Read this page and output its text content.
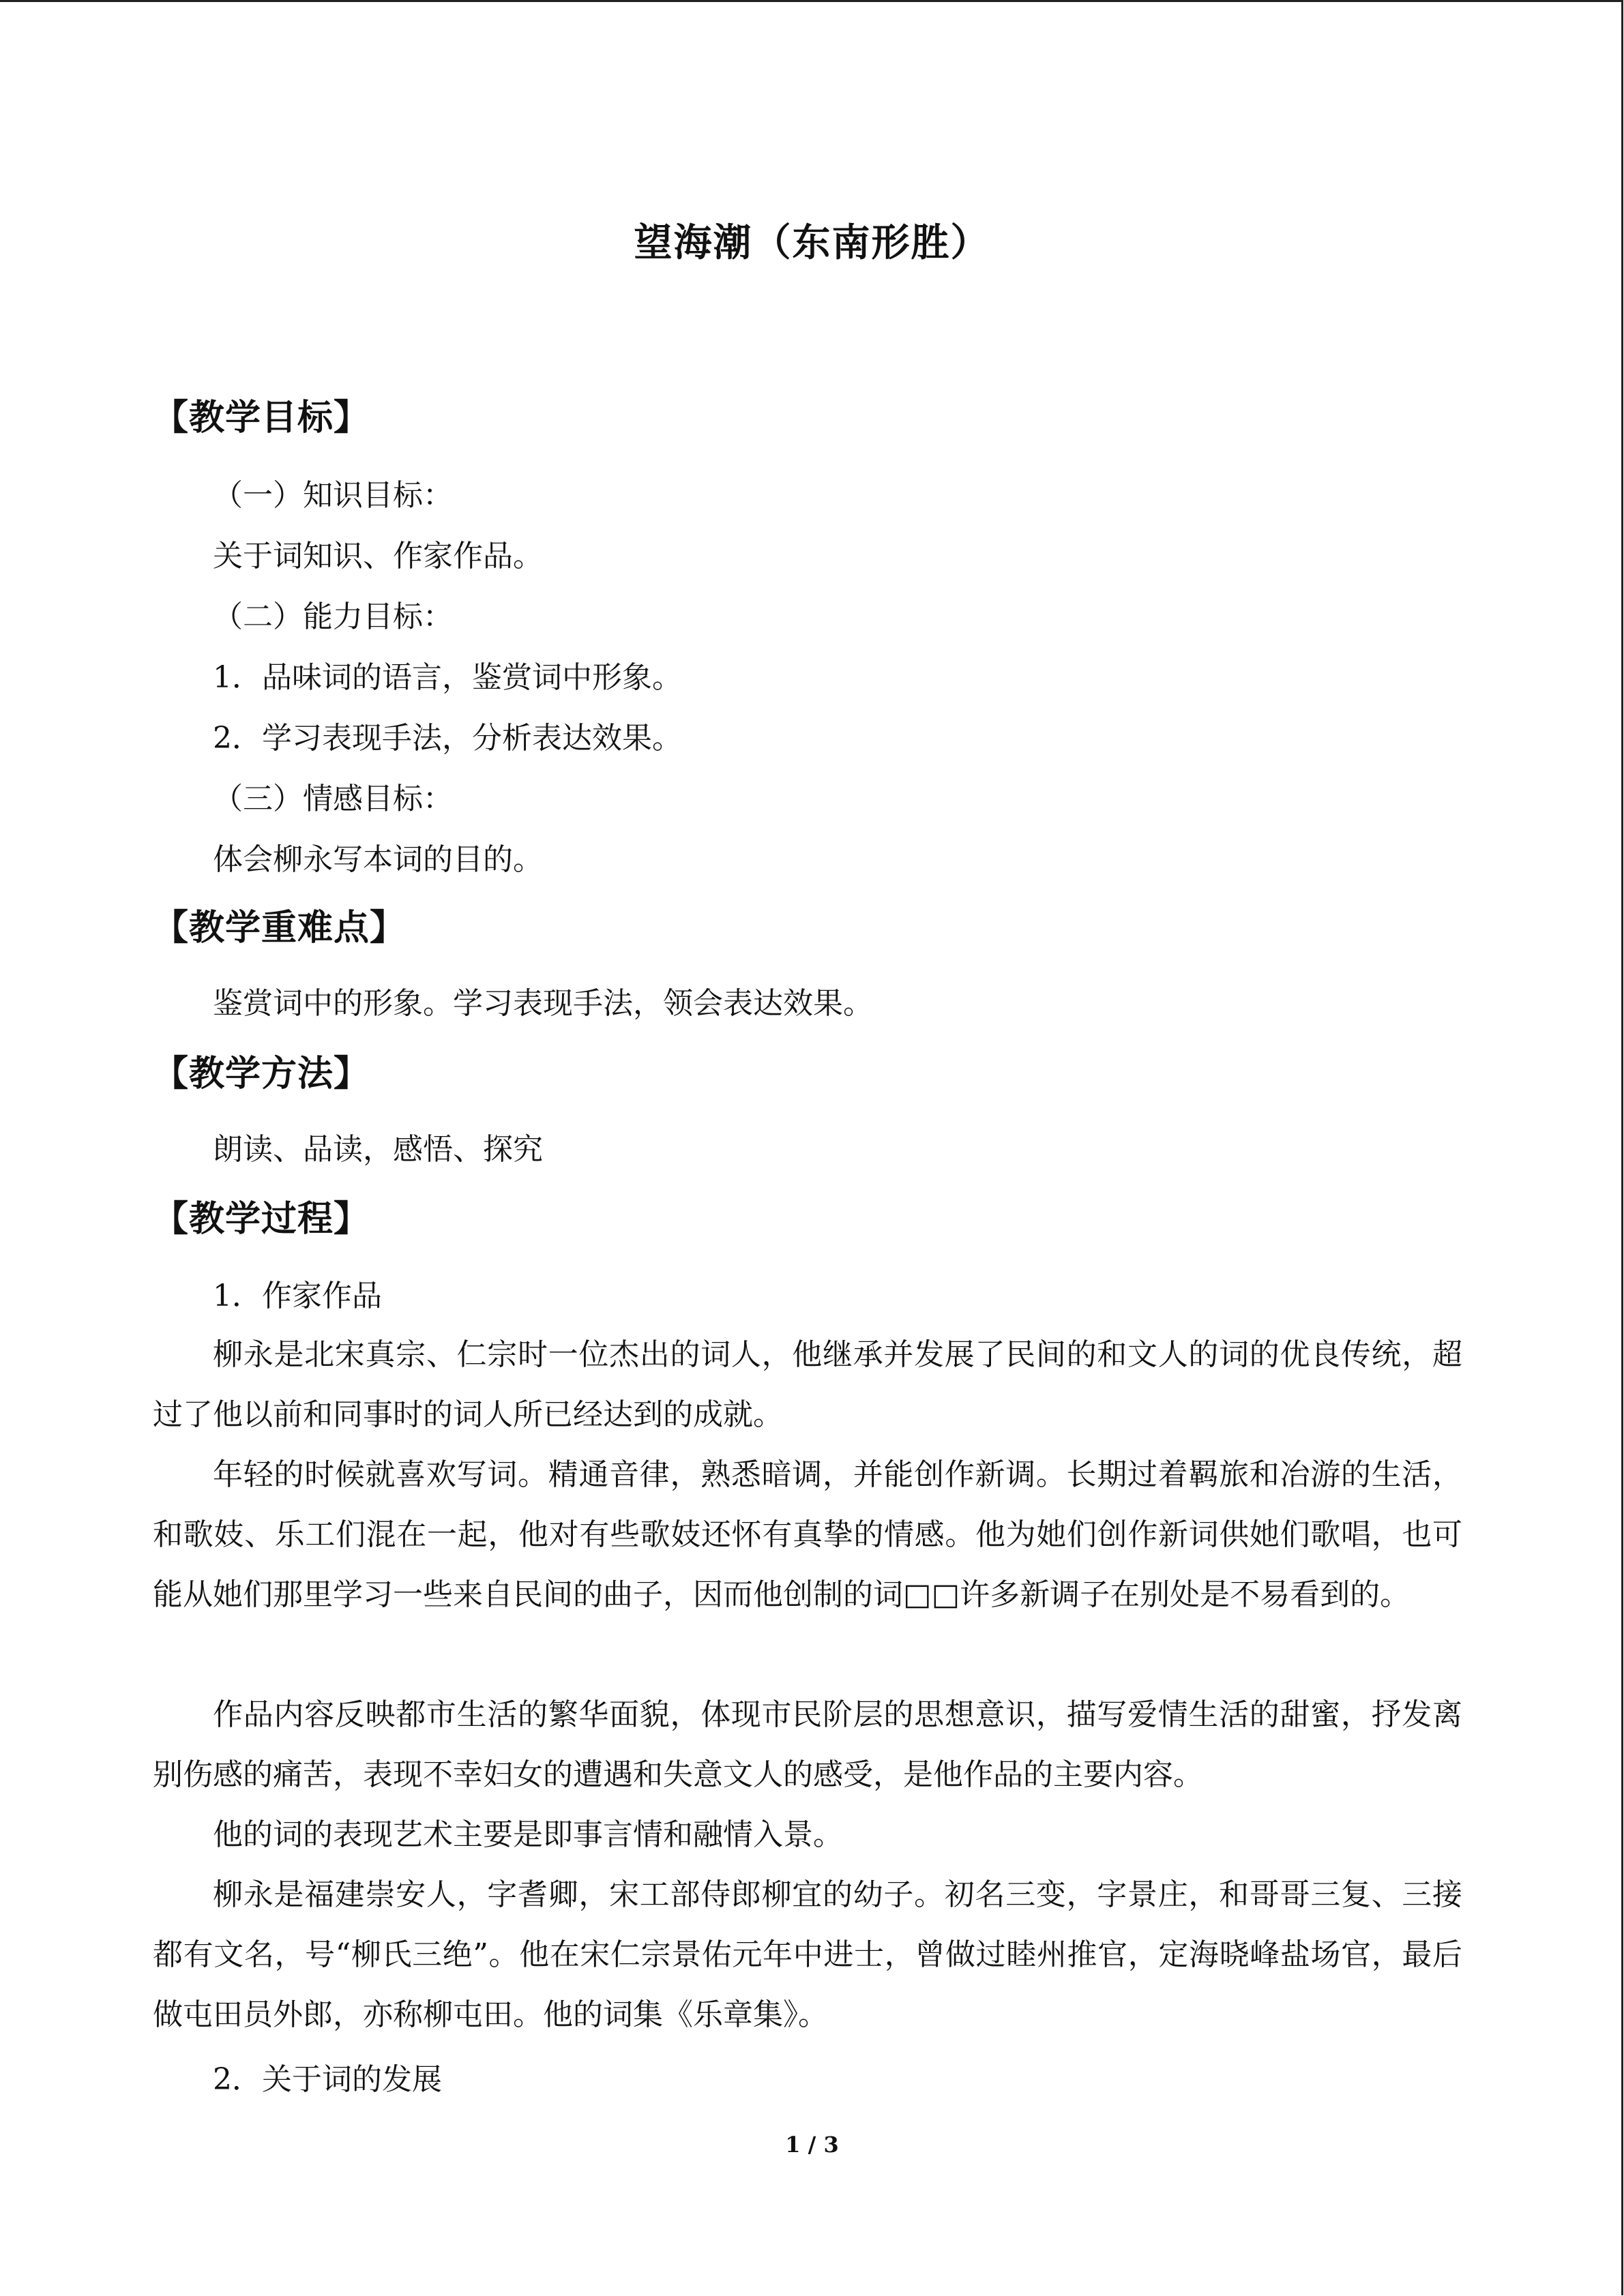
望海潮（东南形胜）
【教学目标】
（一）知识目标：
关于词知识、作家作品。
（二）能力目标：
1．品味词的语言，鉴赏词中形象。
2．学习表现手法，分析表达效果。
（三）情感目标：
体会柳永写本词的目的。
【教学重难点】
鉴赏词中的形象。学习表现手法，领会表达效果。
【教学方法】
朗读、品读，感悟、探究
【教学过程】
1．作家作品
柳永是北宋真宗、仁宗时一位杰出的词人，他继承并发展了民间的和文人的词的优良传统，超过了他以前和同事时的词人所已经达到的成就。
年轻的时候就喜欢写词。精通音律，熟悉暗调，并能创作新调。长期过着羁旅和冶游的生活，和歌妓、乐工们混在一起，他对有些歌妓还怀有真挚的情感。他为她们创作新词供她们歌唱，也可能从她们那里学习一些来自民间的曲子，因而他创制的词□□许多新调子在别处是不易看到的。
作品内容反映都市生活的繁华面貌，体现市民阶层的思想意识，描写爱情生活的甜蜜，抒发离别伤感的痛苦，表现不幸妇女的遭遇和失意文人的感受，是他作品的主要内容。
他的词的表现艺术主要是即事言情和融情入景。
柳永是福建崇安人，字耆卿，宋工部侍郎柳宜的幼子。初名三变，字景庄，和哥哥三复、三接都有文名，号“柳氏三绝”。他在宋仁宗景佑元年中进士，曾做过睦州推官，定海晓峰盐场官，最后做屯田员外郎，亦称柳屯田。他的词集《乐章集》。
2．关于词的发展
1 / 3
